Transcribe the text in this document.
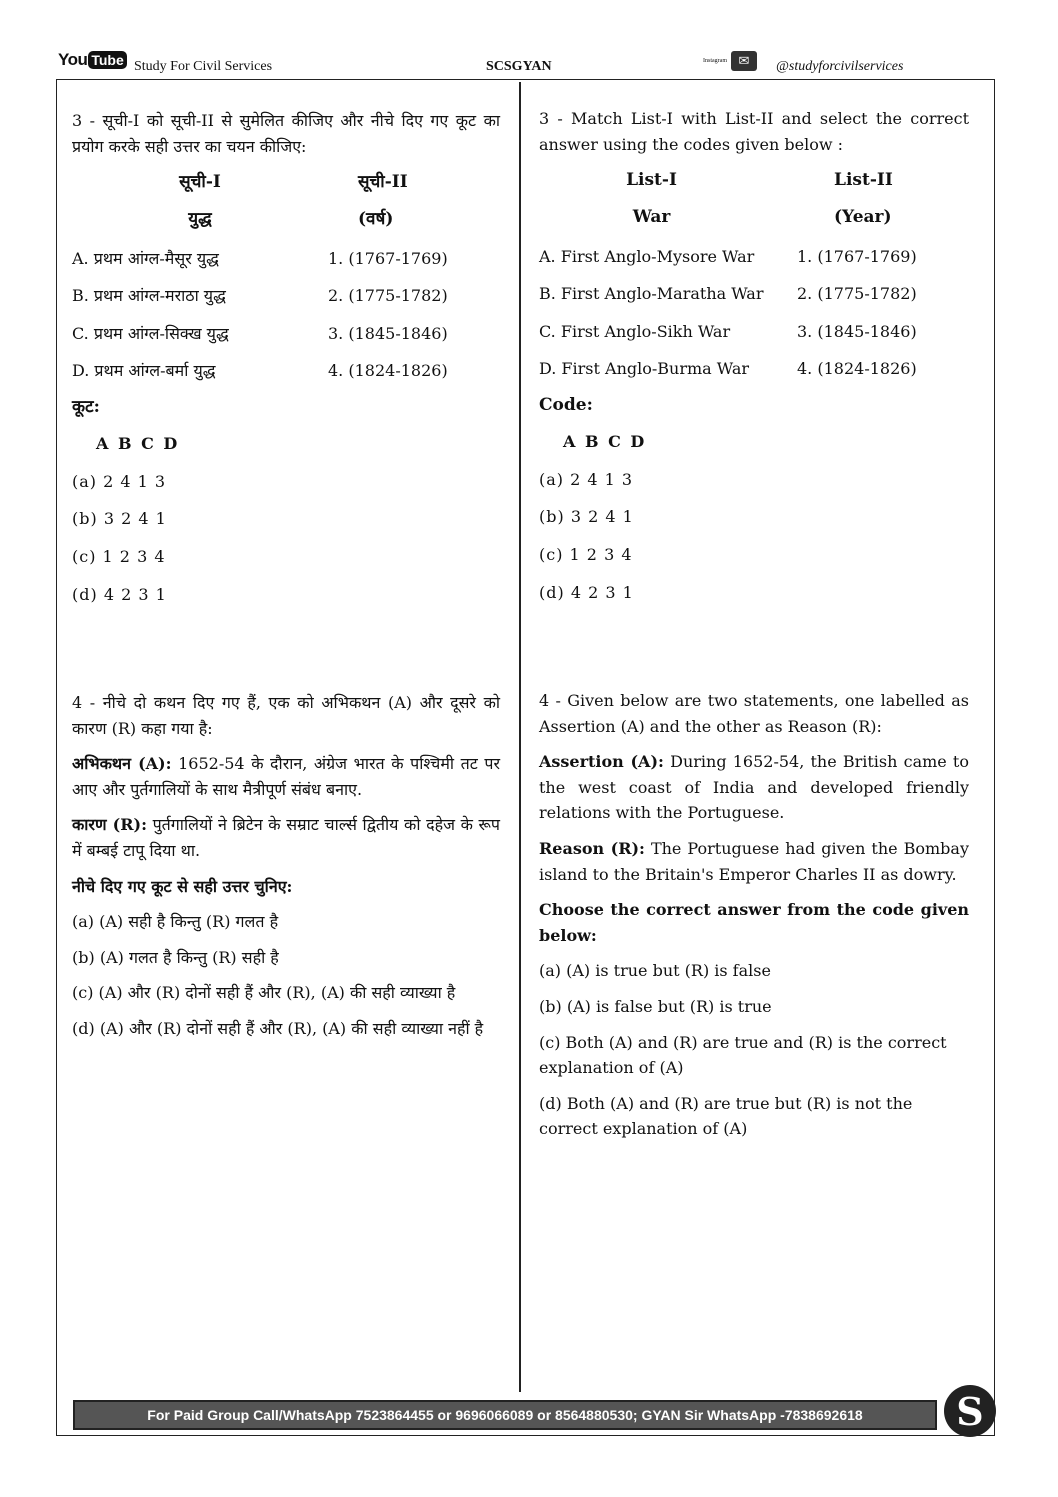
You Tube Study For Civil Services	SCSGYAN	Instagram ✉	@studyforcivilservices
3 - सूची-I को सूची-II से सुमेलित कीजिए और नीचे दिए गए कूट का प्रयोग करके सही उत्तर का चयन कीजिए:
सूची-I	सूची-II
युद्ध	(वर्ष)
A. प्रथम आंग्ल-मैसूर युद्ध	1. (1767-1769)
B. प्रथम आंग्ल-मराठा युद्ध	2. (1775-1782)
C. प्रथम आंग्ल-सिक्ख युद्ध	3. (1845-1846)
D. प्रथम आंग्ल-बर्मा युद्ध	4. (1824-1826)
कूट:
A B C D
(a) 2 4 1 3
(b) 3 2 4 1
(c) 1 2 3 4
(d) 4 2 3 1
3 - Match List-I with List-II and select the correct answer using the codes given below :
List-I	List-II
War	(Year)
A. First Anglo-Mysore War	1. (1767-1769)
B. First Anglo-Maratha War	2. (1775-1782)
C. First Anglo-Sikh War	3. (1845-1846)
D. First Anglo-Burma War	4. (1824-1826)
Code:
A B C D
(a) 2 4 1 3
(b) 3 2 4 1
(c) 1 2 3 4
(d) 4 2 3 1
4 - नीचे दो कथन दिए गए हैं, एक को अभिकथन (A) और दूसरे को कारण (R) कहा गया है:
अभिकथन (A): 1652-54 के दौरान, अंग्रेज भारत के पश्चिमी तट पर आए और पुर्तगालियों के साथ मैत्रीपूर्ण संबंध बनाए.
कारण (R): पुर्तगालियों ने ब्रिटेन के सम्राट चार्ल्स द्वितीय को दहेज के रूप में बम्बई टापू दिया था.
नीचे दिए गए कूट से सही उत्तर चुनिए:
(a) (A) सही है किन्तु (R) गलत है
(b) (A) गलत है किन्तु (R) सही है
(c) (A) और (R) दोनों सही हैं और (R), (A) की सही व्याख्या है
(d) (A) और (R) दोनों सही हैं और (R), (A) की सही व्याख्या नहीं है
4 - Given below are two statements, one labelled as Assertion (A) and the other as Reason (R):
Assertion (A): During 1652-54, the British came to the west coast of India and developed friendly relations with the Portuguese.
Reason (R): The Portuguese had given the Bombay island to the Britain's Emperor Charles II as dowry.
Choose the correct answer from the code given below:
(a) (A) is true but (R) is false
(b) (A) is false but (R) is true
(c) Both (A) and (R) are true and (R) is the correct explanation of (A)
(d) Both (A) and (R) are true but (R) is not the correct explanation of (A)
For Paid Group Call/WhatsApp 7523864455 or 9696066089 or 8564880530; GYAN Sir WhatsApp -7838692618	S
